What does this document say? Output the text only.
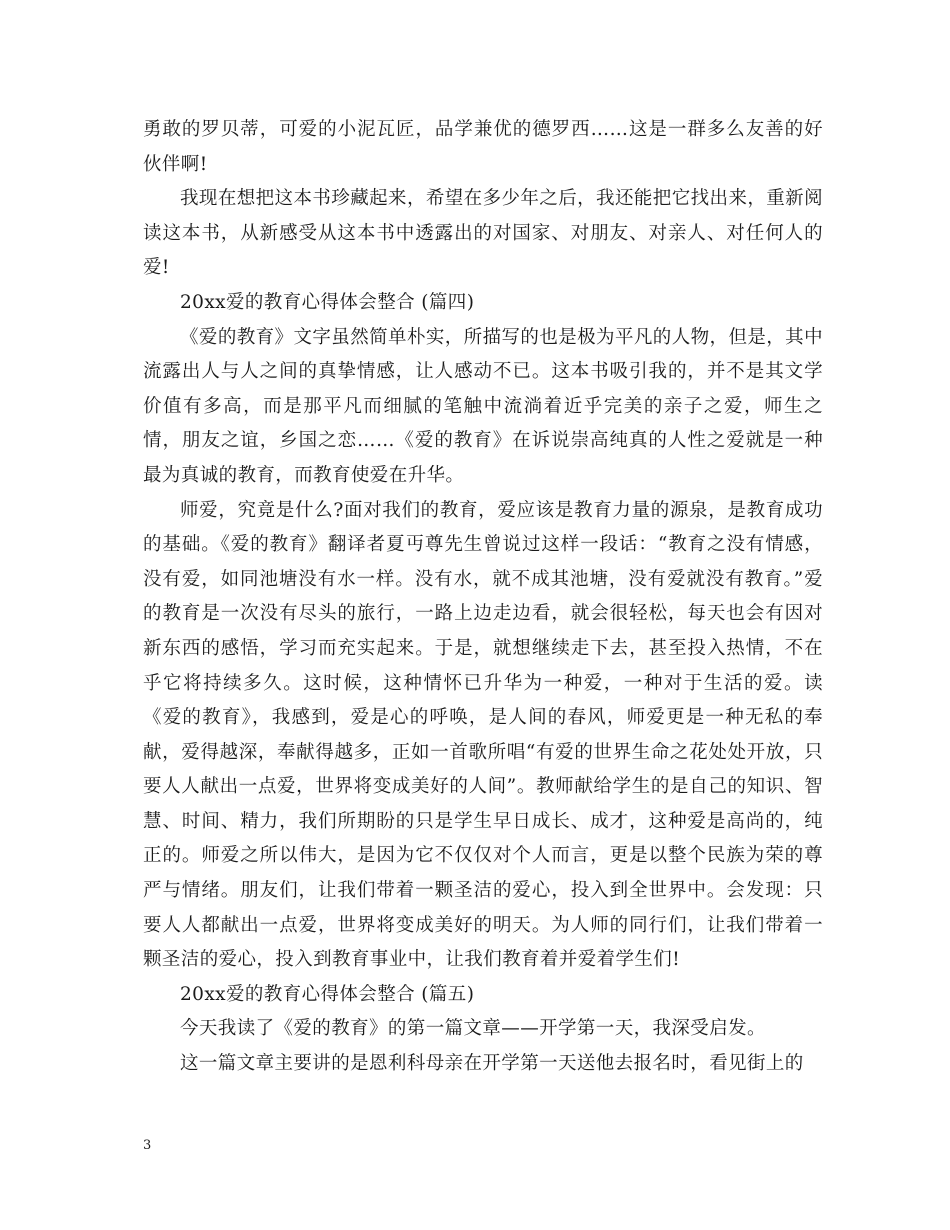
勇敢的罗贝蒂，可爱的小泥瓦匠，品学兼优的德罗西……这是一群多么友善的好伙伴啊!

我现在想把这本书珍藏起来，希望在多少年之后，我还能把它找出来，重新阅读这本书，从新感受从这本书中透露出的对国家、对朋友、对亲人、对任何人的爱!

20xx爱的教育心得体会整合 (篇四)

《爱的教育》文字虽然简单朴实，所描写的也是极为平凡的人物，但是，其中流露出人与人之间的真挚情感，让人感动不已。这本书吸引我的，并不是其文学价值有多高，而是那平凡而细腻的笔触中流淌着近乎完美的亲子之爱，师生之情，朋友之谊，乡国之恋……《爱的教育》在诉说崇高纯真的人性之爱就是一种最为真诚的教育，而教育使爱在升华。

师爱，究竟是什么?面对我们的教育，爱应该是教育力量的源泉，是教育成功的基础。《爱的教育》翻译者夏丏尊先生曾说过这样一段话：“教育之没有情感，没有爱，如同池塘没有水一样。没有水，就不成其池塘，没有爱就没有教育。”爱的教育是一次没有尽头的旅行，一路上边走边看，就会很轻松，每天也会有因对新东西的感悟，学习而充实起来。于是，就想继续走下去，甚至投入热情，不在乎它将持续多久。这时候，这种情怀已升华为一种爱，一种对于生活的爱。读《爱的教育》，我感到，爱是心的呼唤，是人间的春风，师爱更是一种无私的奉献，爱得越深，奉献得越多，正如一首歌所唱“有爱的世界生命之花处处开放，只要人人献出一点爱，世界将变成美好的人间”。教师献给学生的是自己的知识、智慧、时间、精力，我们所期盼的只是学生早日成长、成才，这种爱是高尚的，纯正的。师爱之所以伟大，是因为它不仅仅对个人而言，更是以整个民族为荣的尊严与情绪。朋友们，让我们带着一颗圣洁的爱心，投入到全世界中。会发现：只要人人都献出一点爱，世界将变成美好的明天。为人师的同行们，让我们带着一颗圣洁的爱心，投入到教育事业中，让我们教育着并爱着学生们!

20xx爱的教育心得体会整合 (篇五)

今天我读了《爱的教育》的第一篇文章——开学第一天，我深受启发。

这一篇文章主要讲的是恩利科母亲在开学第一天送他去报名时，看见街上的

3
